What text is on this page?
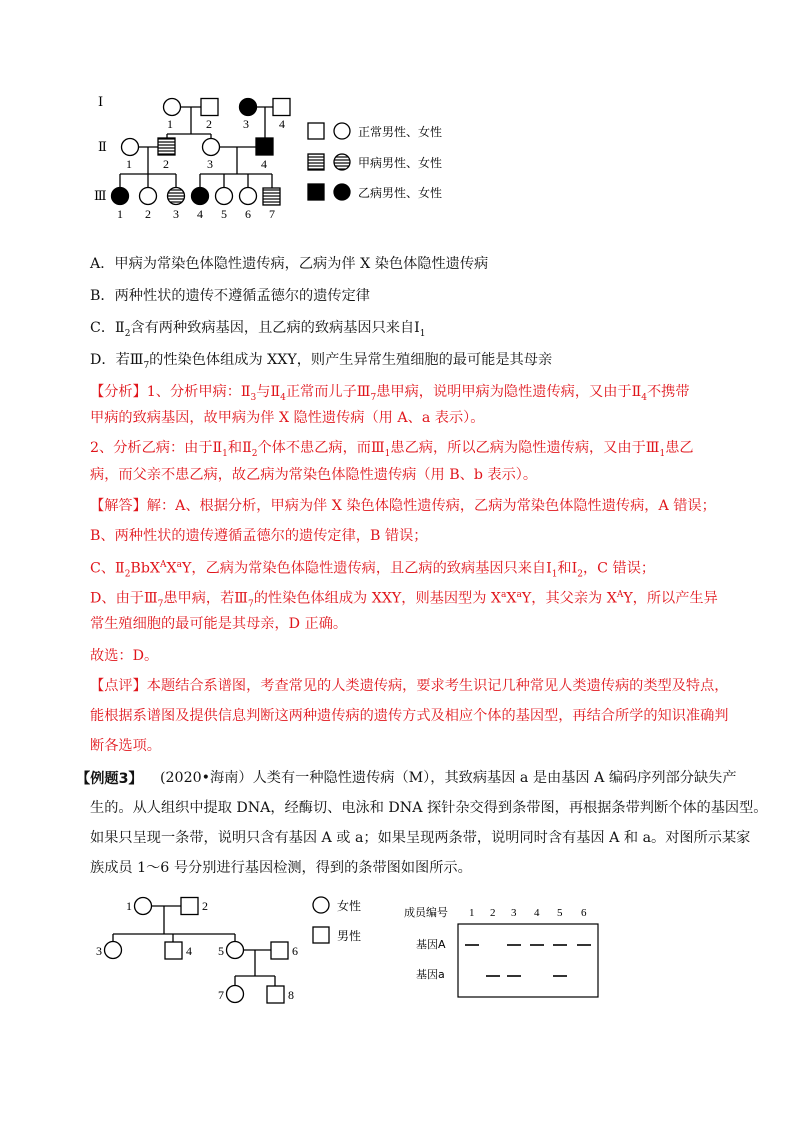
Ⅰ
Ⅱ
Ⅲ
1	2	3	4
1	2	3	4
1 2 3 4 5 6 7
正常男性、女性
甲病男性、女性
乙病男性、女性
A．甲病为常染色体隐性遗传病，乙病为伴 X 染色体隐性遗传病
B．两种性状的遗传不遵循孟德尔的遗传定律
C．$Ⅱ_2$含有两种致病基因，且乙病的致病基因只来自$Ⅰ_1$
D．若$Ⅲ_7$的性染色体组成为 XXY，则产生异常生殖细胞的最可能是其母亲
【分析】1、分析甲病：$Ⅱ_3$与$Ⅱ_4$正常而儿子$Ⅲ_7$患甲病，说明甲病为隐性遗传病，又由于$Ⅱ_4$不携带
甲病的致病基因，故甲病为伴 X 隐性遗传病（用 A、a 表示）。
2、分析乙病：由于$Ⅱ_1$和$Ⅱ_2$个体不患乙病，而$Ⅲ_1$患乙病，所以乙病为隐性遗传病，又由于$Ⅲ_1$患乙
病，而父亲不患乙病，故乙病为常染色体隐性遗传病（用 B、b 表示）。
【解答】解：A、根据分析，甲病为伴 X 染色体隐性遗传病，乙病为常染色体隐性遗传病，A 错误；
B、两种性状的遗传遵循孟德尔的遗传定律，B 错误；
C、$Ⅱ_2BbX^AX^aY$，乙病为常染色体隐性遗传病，且乙病的致病基因只来自$Ⅰ_1$和$Ⅰ_2$，C 错误；
D、由于$Ⅲ_7$患甲病，若$Ⅲ_7$的性染色体组成为 XXY，则基因型为 $X^aX^aY$，其父亲为 $X^AY$，所以产生异
常生殖细胞的最可能是其母亲，D 正确。
故选：D。
【点评】本题结合系谱图，考查常见的人类遗传病，要求考生识记几种常见人类遗传病的类型及特点，
能根据系谱图及提供信息判断这两种遗传病的遗传方式及相应个体的基因型，再结合所学的知识准确判
断各选项。
【例题3】 (2020•海南）人类有一种隐性遗传病（M），其致病基因 a 是由基因 A 编码序列部分缺失产
生的。从人组织中提取 DNA，经酶切、电泳和 DNA 探针杂交得到条带图，再根据条带判断个体的基因型。
如果只呈现一条带，说明只含有基因 A 或 a；如果呈现两条带，说明同时含有基因 A 和 a。对图所示某家
族成员 1～6 号分别进行基因检测，得到的条带图如图所示。
1	2
3	4 5	6
7	8
女性
男性
成员编号 1 2 3 4 5 6
基因A
基因a
